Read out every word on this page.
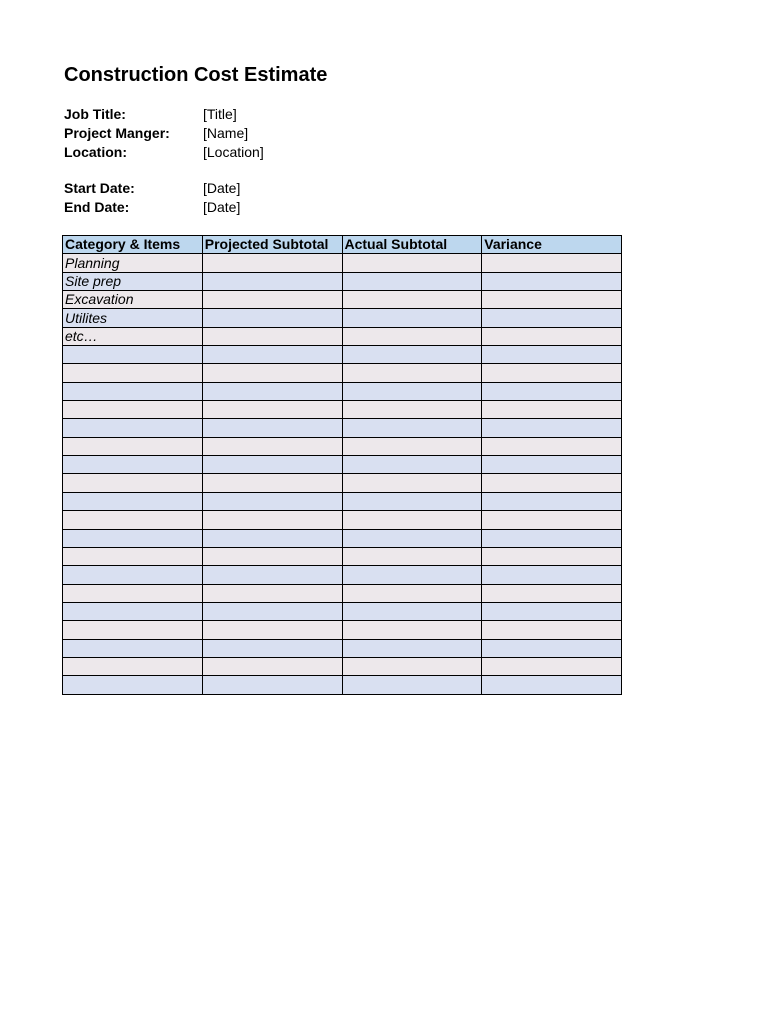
Construction Cost Estimate
Job Title:	[Title]
Project Manger: [Name]
Location:	[Location]
Start Date:	[Date]
End Date:	[Date]
Category & Items	Projected Subtotal	Actual Subtotal	Variance
Planning			
Site prep			
Excavation			
Utilites			
etc…			
